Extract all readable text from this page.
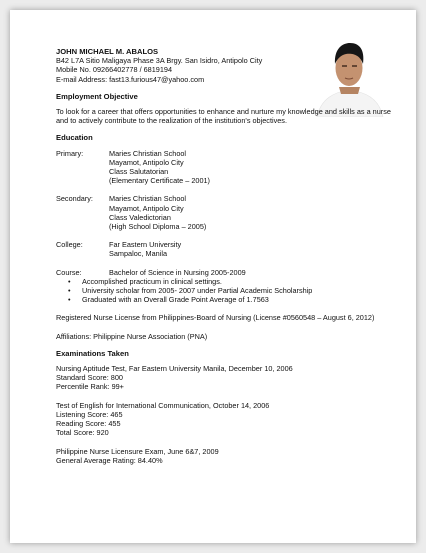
JOHN MICHAEL M. ABALOS

B42 L7A Sitio Maligaya Phase 3A Brgy. San Isidro, Antipolo City

Mobile No. 09266402778 / 6819194

E-mail Address: fast13.furious47@yahoo.com

Employment Objective

To look for a career that offers opportunities to enhance and nurture my knowledge and skills as a nurse and to actively contribute to the realization of the institution's objectives.

Education

Primary:	Maries Christian School

Mayamot, Antipolo City

Class Salutatorian

(Elementary Certificate – 2001)

Secondary:	Maries Christian School

Mayamot, Antipolo City

Class Valedictorian

(High School Diploma – 2005)

College:	Far Eastern University

Sampaloc, Manila

Course:	Bachelor of Science in Nursing 2005-2009
• Accomplished practicum in clinical settings.
• University scholar from 2005- 2007 under Partial Academic Scholarship
• Graduated with an Overall Grade Point Average of 1.7563

Registered Nurse License from Philippines-Board of Nursing (License #0560548 – August 6, 2012)

Affiliations: Philippine Nurse Association (PNA)

Examinations Taken

Nursing Aptitude Test, Far Eastern University Manila, December 10, 2006

Standard Score: 800

Percentile Rank: 99+

Test of English for International Communication, October 14, 2006

Listening Score: 465

Reading Score: 455

Total Score: 920

Philippine Nurse Licensure Exam, June 6&7, 2009

General Average Rating: 84.40%
